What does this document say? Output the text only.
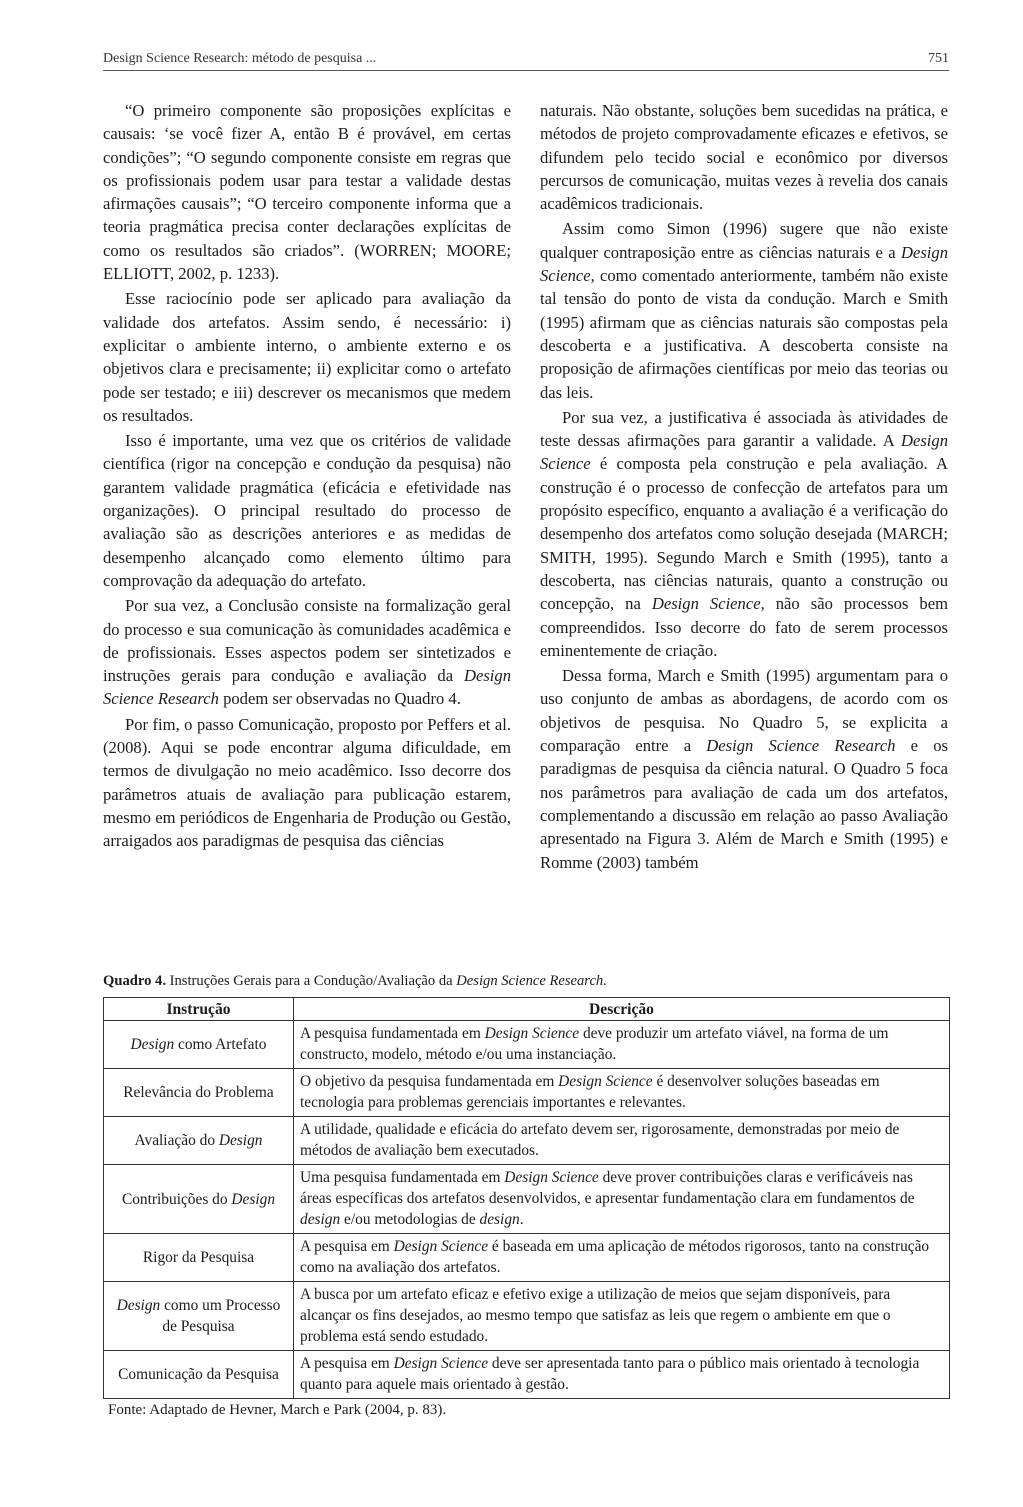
Design Science Research: método de pesquisa ...	751

“O primeiro componente são proposições explícitas e causais: ‘se você fizer A, então B é provável, em certas condições”; “O segundo componente consiste em regras que os profissionais podem usar para testar a validade destas afirmações causais”; “O terceiro componente informa que a teoria pragmática precisa conter declarações explícitas de como os resultados são criados”. (WORREN; MOORE; ELLIOTT, 2002, p. 1233).

Esse raciocínio pode ser aplicado para avaliação da validade dos artefatos. Assim sendo, é necessário: i) explicitar o ambiente interno, o ambiente externo e os objetivos clara e precisamente; ii) explicitar como o artefato pode ser testado; e iii) descrever os mecanismos que medem os resultados.

Isso é importante, uma vez que os critérios de validade científica (rigor na concepção e condução da pesquisa) não garantem validade pragmática (eficácia e efetividade nas organizações). O principal resultado do processo de avaliação são as descrições anteriores e as medidas de desempenho alcançado como elemento último para comprovação da adequação do artefato.

Por sua vez, a Conclusão consiste na formalização geral do processo e sua comunicação às comunidades acadêmica e de profissionais. Esses aspectos podem ser sintetizados e instruções gerais para condução e avaliação da Design Science Research podem ser observadas no Quadro 4.

Por fim, o passo Comunicação, proposto por Peffers et al. (2008). Aqui se pode encontrar alguma dificuldade, em termos de divulgação no meio acadêmico. Isso decorre dos parâmetros atuais de avaliação para publicação estarem, mesmo em periódicos de Engenharia de Produção ou Gestão, arraigados aos paradigmas de pesquisa das ciências

naturais. Não obstante, soluções bem sucedidas na prática, e métodos de projeto comprovadamente eficazes e efetivos, se difundem pelo tecido social e econômico por diversos percursos de comunicação, muitas vezes à revelia dos canais acadêmicos tradicionais.

Assim como Simon (1996) sugere que não existe qualquer contraposição entre as ciências naturais e a Design Science, como comentado anteriormente, também não existe tal tensão do ponto de vista da condução. March e Smith (1995) afirmam que as ciências naturais são compostas pela descoberta e a justificativa. A descoberta consiste na proposição de afirmações científicas por meio das teorias ou das leis.

Por sua vez, a justificativa é associada às atividades de teste dessas afirmações para garantir a validade. A Design Science é composta pela construção e pela avaliação. A construção é o processo de confecção de artefatos para um propósito específico, enquanto a avaliação é a verificação do desempenho dos artefatos como solução desejada (MARCH; SMITH, 1995). Segundo March e Smith (1995), tanto a descoberta, nas ciências naturais, quanto a construção ou concepção, na Design Science, não são processos bem compreendidos. Isso decorre do fato de serem processos eminentemente de criação.

Dessa forma, March e Smith (1995) argumentam para o uso conjunto de ambas as abordagens, de acordo com os objetivos de pesquisa. No Quadro 5, se explicita a comparação entre a Design Science Research e os paradigmas de pesquisa da ciência natural. O Quadro 5 foca nos parâmetros para avaliação de cada um dos artefatos, complementando a discussão em relação ao passo Avaliação apresentado na Figura 3. Além de March e Smith (1995) e Romme (2003) também

Quadro 4. Instruções Gerais para a Condução/Avaliação da Design Science Research.
Instrução	Descrição
Design como Artefato	A pesquisa fundamentada em Design Science deve produzir um artefato viável, na forma de um constructo, modelo, método e/ou uma instanciação.
Relevância do Problema	O objetivo da pesquisa fundamentada em Design Science é desenvolver soluções baseadas em tecnologia para problemas gerenciais importantes e relevantes.
Avaliação do Design	A utilidade, qualidade e eficácia do artefato devem ser, rigorosamente, demonstradas por meio de métodos de avaliação bem executados.
Contribuições do Design	Uma pesquisa fundamentada em Design Science deve prover contribuições claras e verificáveis nas áreas específicas dos artefatos desenvolvidos, e apresentar fundamentação clara em fundamentos de design e/ou metodologias de design.
Rigor da Pesquisa	A pesquisa em Design Science é baseada em uma aplicação de métodos rigorosos, tanto na construção como na avaliação dos artefatos.
Design como um Processo de Pesquisa	A busca por um artefato eficaz e efetivo exige a utilização de meios que sejam disponíveis, para alcançar os fins desejados, ao mesmo tempo que satisfaz as leis que regem o ambiente em que o problema está sendo estudado.
Comunicação da Pesquisa	A pesquisa em Design Science deve ser apresentada tanto para o público mais orientado à tecnologia quanto para aquele mais orientado à gestão.
Fonte: Adaptado de Hevner, March e Park (2004, p. 83).
